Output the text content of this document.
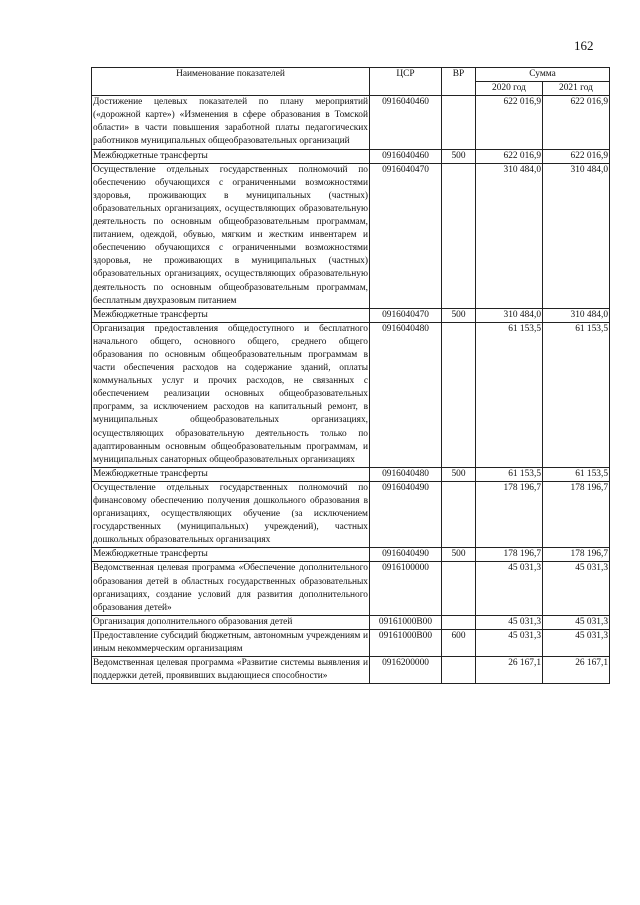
162
Наименование показателей	ЦСР	ВР	Сумма	
			2020 год	2021 год
Достижение целевых показателей по плану мероприятий («дорожной карте») «Изменения в сфере образования в Томской области» в части повышения заработной платы педагогических работников муниципальных общеобразовательных организаций	0916040460		622 016,9	622 016,9
Межбюджетные трансферты	0916040460	500	622 016,9	622 016,9
Осуществление отдельных государственных полномочий по обеспечению обучающихся с ограниченными возможностями здоровья, проживающих в муниципальных (частных) образовательных организациях, осуществляющих образовательную деятельность по основным общеобразовательным программам, питанием, одеждой, обувью, мягким и жестким инвентарем и обеспечению обучающихся с ограниченными возможностями здоровья, не проживающих в муниципальных (частных) образовательных организациях, осуществляющих образовательную деятельность по основным общеобразовательным программам, бесплатным двухразовым питанием	0916040470		310 484,0	310 484,0
Межбюджетные трансферты	0916040470	500	310 484,0	310 484,0
Организация предоставления общедоступного и бесплатного начального общего, основного общего, среднего общего образования по основным общеобразовательным программам в части обеспечения расходов на содержание зданий, оплаты коммунальных услуг и прочих расходов, не связанных с обеспечением реализации основных общеобразовательных программ, за исключением расходов на капитальный ремонт, в муниципальных общеобразовательных организациях, осуществляющих образовательную деятельность только по адаптированным основным общеобразовательным программам, и муниципальных санаторных общеобразовательных организациях	0916040480		61 153,5	61 153,5
Межбюджетные трансферты	0916040480	500	61 153,5	61 153,5
Осуществление отдельных государственных полномочий по финансовому обеспечению получения дошкольного образования в организациях, осуществляющих обучение (за исключением государственных (муниципальных) учреждений), частных дошкольных образовательных организациях	0916040490		178 196,7	178 196,7
Межбюджетные трансферты	0916040490	500	178 196,7	178 196,7
Ведомственная целевая программа «Обеспечение дополнительного образования детей в областных государственных образовательных организациях, создание условий для развития дополнительного образования детей»	0916100000		45 031,3	45 031,3
Организация дополнительного образования детей	09161000В00		45 031,3	45 031,3
Предоставление субсидий бюджетным, автономным учреждениям и иным некоммерческим организациям	09161000В00	600	45 031,3	45 031,3
Ведомственная целевая программа «Развитие системы выявления и поддержки детей, проявивших выдающиеся способности»	0916200000		26 167,1	26 167,1
